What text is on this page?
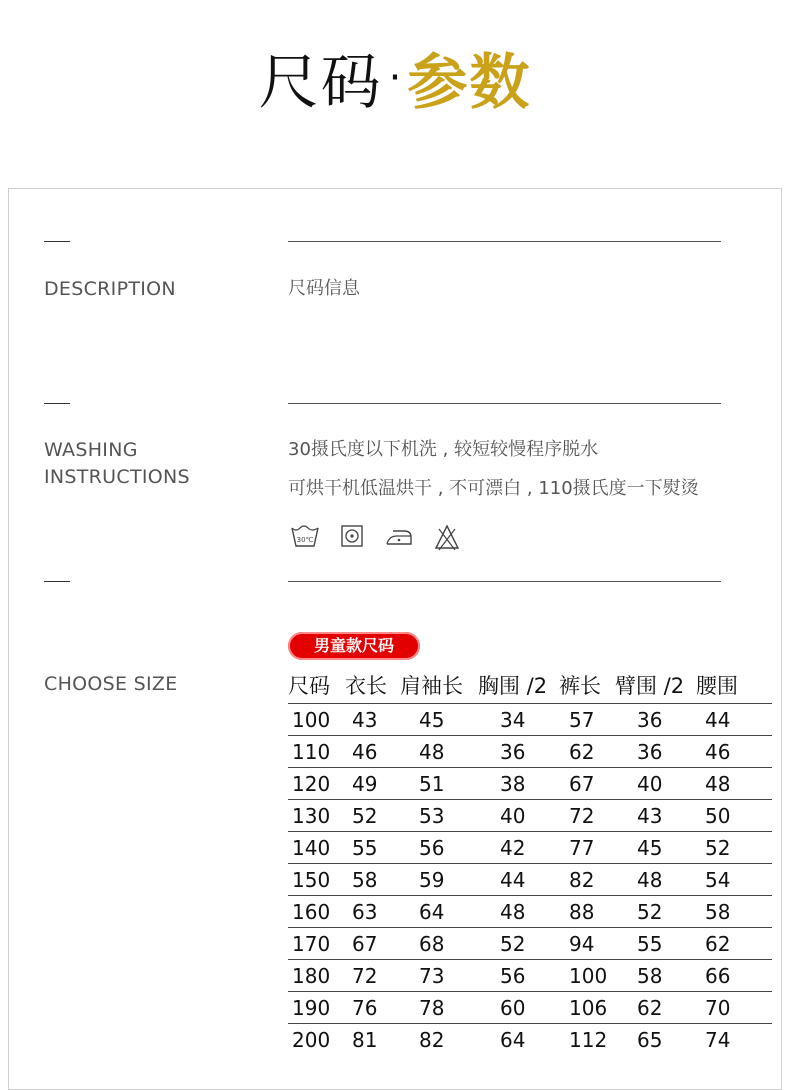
尺码 · 参数
DESCRIPTION	尺码信息
WASHING
INSTRUCTIONS
30摄氏度以下机洗 , 较短较慢程序脱水
可烘干机低温烘干 , 不可漂白 , 110摄氏度一下熨烫
30℃
CHOOSE SIZE
男童款尺码
尺码 衣长 肩袖长 胸围 /2 裤长 臂围 /2 腰围
100 43 45	34 57 36 44
110 46 48	36 62 36 46
120 49 51	38 67 40 48
130 52 53	40 72 43 50
140 55 56	42 77 45 52
150 58 59	44 82 48 54
160 63 64	48 88 52 58
170 67 68	52 94 55 62
180 72 73	56 100 58 66
190 76 78	60 106 62 70
200 81 82	64 112 65 74
